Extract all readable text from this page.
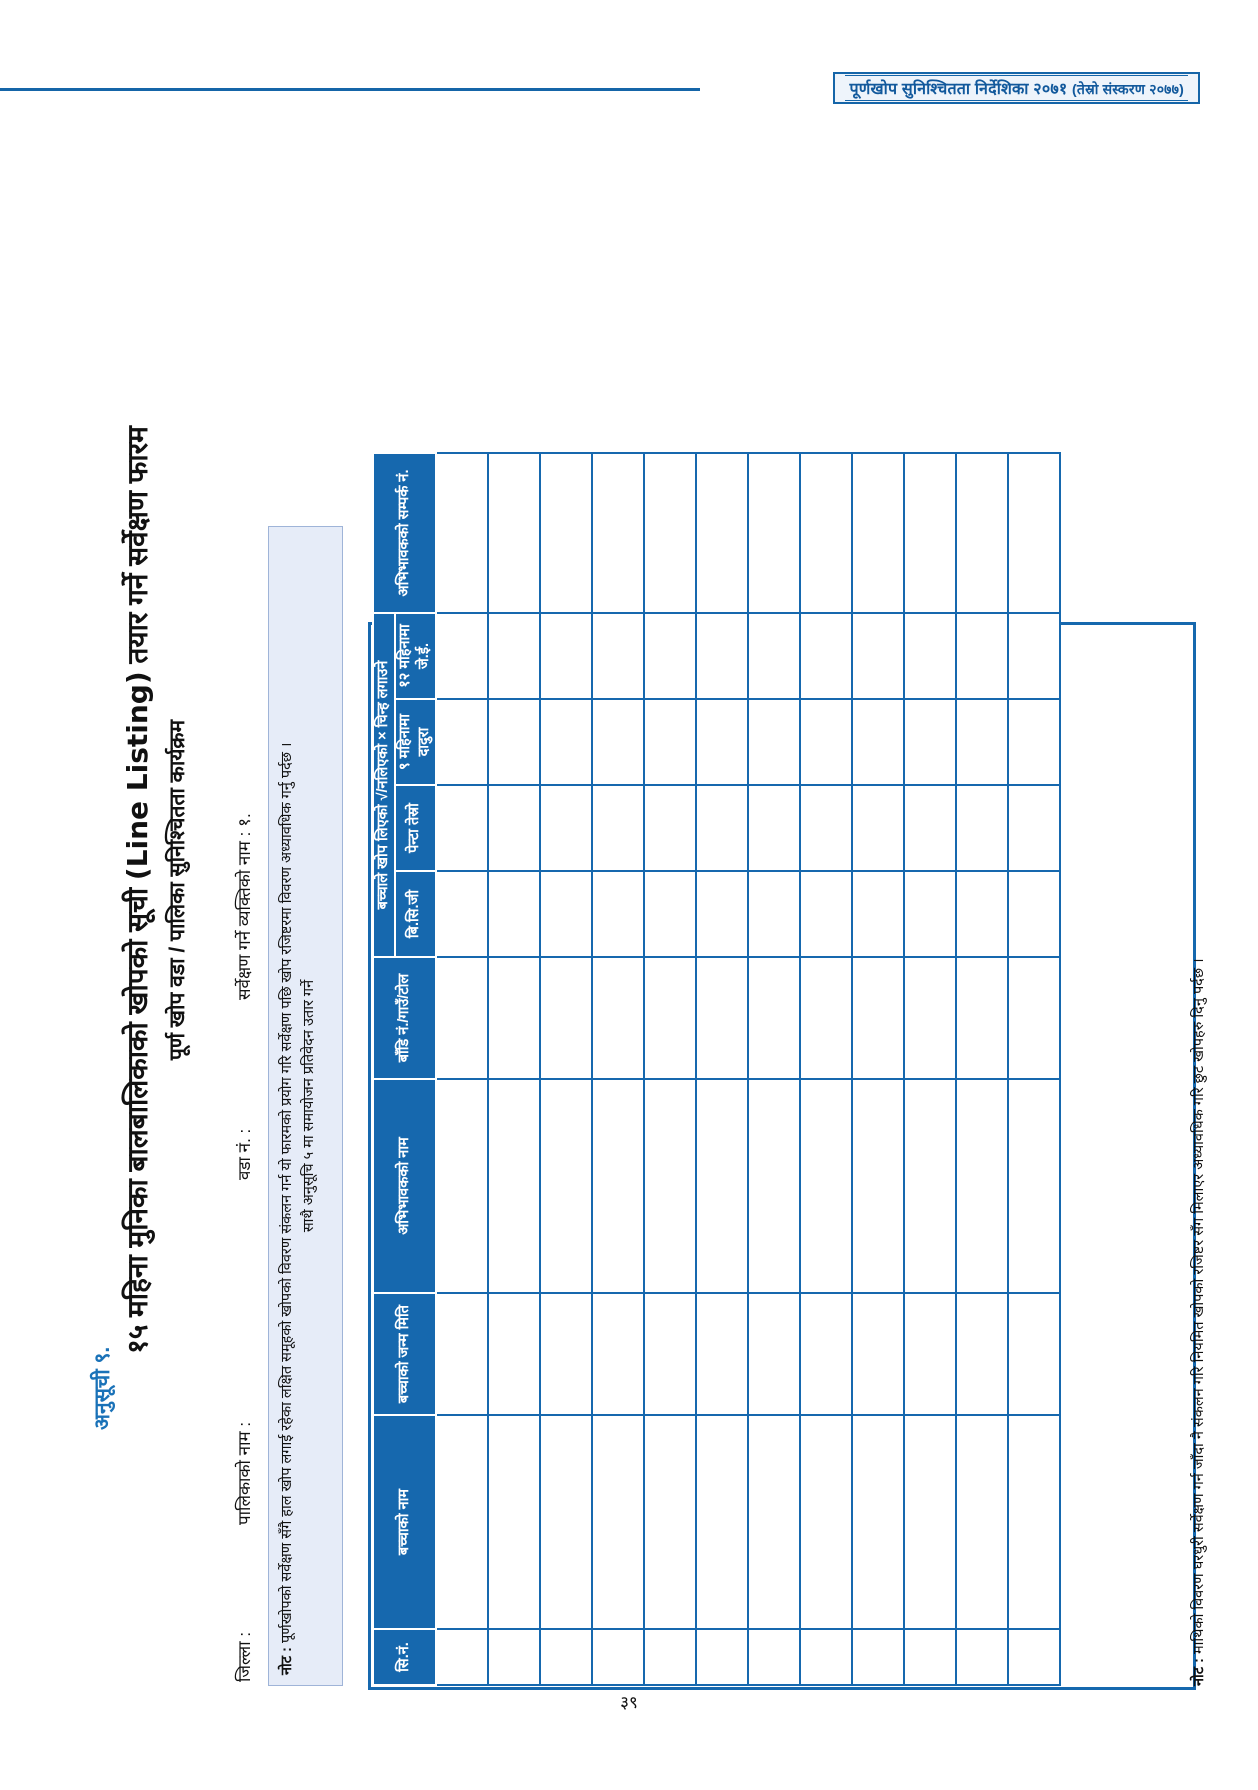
पूर्णखोप सुनिश्चितता निर्देशिका २०७१ (तेस्रो संस्करण २०७७)
अनुसूची ९.
१५ महिना मुनिका बालबालिकाको खोपको सूची (Line Listing) तयार गर्ने सर्वेक्षण फारम
पूर्ण खोप वडा / पालिका सुनिश्चितता कार्यक्रम
जिल्ला :
पालिकाको नाम :
वडा नं. :
सर्वेक्षण गर्ने व्यक्तिको नाम : १.
नोट : पूर्णखोपको सर्वेक्षण सँगै हाल खोप लगाई रहेका लक्षित समूहको खोपको विवरण संकलन गर्न यो फारमको प्रयोग गरि सर्वेक्षण पछि खोप रजिष्टरमा विवरण अध्यावधिक गर्नु पर्दछ । साथै अनुसूचि ५ मा समायोजन प्रतिवेदन उतार गर्ने
सि.नं.	बच्चाको नाम	बच्चाको जन्म मिति	अभिभावकको नाम	बाँडि नं./गाउँ/टोल	बच्चाले खोप लिएको √/नलिएको × चिन्ह लगाउने				अभिभावकको सम्पर्क नं.
					बि.सि.जी	पेन्टा तेस्रो	९ महिनामा दादुरा	१२ महिनामा जे.ई.	

नोट : माथिको विवरण घरधुरी सर्वेक्षण गर्न जाँदा नै संकलन गरि नियमित खोपको रजिष्टर सँग मिलाएर अध्यावधिक गरि छुट खोपहरु दिनु पर्दछ ।
३९
